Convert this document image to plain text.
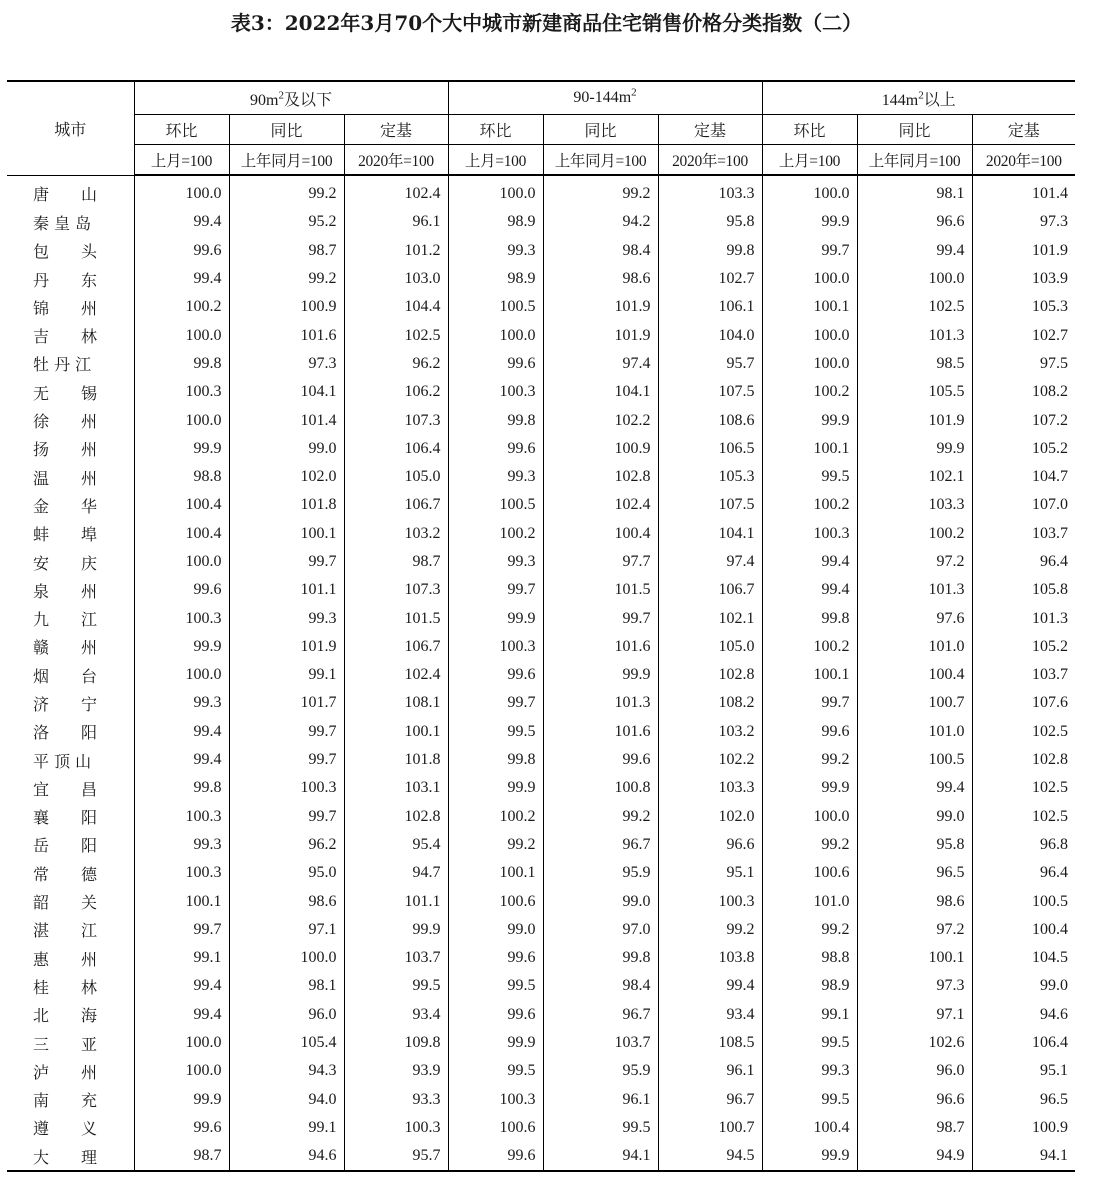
表3：2022年3月70个大中城市新建商品住宅销售价格分类指数（二）
城市	$90m^2$及以下			$90-144m^2$			$144m^2$以上		
	环比	同比	定基	环比	同比	定基	环比	同比	定基
	上月=100	上年同月=100	2020年=100	上月=100	上年同月=100	2020年=100	上月=100	上年同月=100	2020年=100
唐　　山	100.0	99.2	102.4	100.0	99.2	103.3	100.0	98.1	101.4
秦 皇 岛	99.4	95.2	96.1	98.9	94.2	95.8	99.9	96.6	97.3
包　　头	99.6	98.7	101.2	99.3	98.4	99.8	99.7	99.4	101.9
丹　　东	99.4	99.2	103.0	98.9	98.6	102.7	100.0	100.0	103.9
锦　　州	100.2	100.9	104.4	100.5	101.9	106.1	100.1	102.5	105.3
吉　　林	100.0	101.6	102.5	100.0	101.9	104.0	100.0	101.3	102.7
牡 丹 江	99.8	97.3	96.2	99.6	97.4	95.7	100.0	98.5	97.5
无　　锡	100.3	104.1	106.2	100.3	104.1	107.5	100.2	105.5	108.2
徐　　州	100.0	101.4	107.3	99.8	102.2	108.6	99.9	101.9	107.2
扬　　州	99.9	99.0	106.4	99.6	100.9	106.5	100.1	99.9	105.2
温　　州	98.8	102.0	105.0	99.3	102.8	105.3	99.5	102.1	104.7
金　　华	100.4	101.8	106.7	100.5	102.4	107.5	100.2	103.3	107.0
蚌　　埠	100.4	100.1	103.2	100.2	100.4	104.1	100.3	100.2	103.7
安　　庆	100.0	99.7	98.7	99.3	97.7	97.4	99.4	97.2	96.4
泉　　州	99.6	101.1	107.3	99.7	101.5	106.7	99.4	101.3	105.8
九　　江	100.3	99.3	101.5	99.9	99.7	102.1	99.8	97.6	101.3
赣　　州	99.9	101.9	106.7	100.3	101.6	105.0	100.2	101.0	105.2
烟　　台	100.0	99.1	102.4	99.6	99.9	102.8	100.1	100.4	103.7
济　　宁	99.3	101.7	108.1	99.7	101.3	108.2	99.7	100.7	107.6
洛　　阳	99.4	99.7	100.1	99.5	101.6	103.2	99.6	101.0	102.5
平 顶 山	99.4	99.7	101.8	99.8	99.6	102.2	99.2	100.5	102.8
宜　　昌	99.8	100.3	103.1	99.9	100.8	103.3	99.9	99.4	102.5
襄　　阳	100.3	99.7	102.8	100.2	99.2	102.0	100.0	99.0	102.5
岳　　阳	99.3	96.2	95.4	99.2	96.7	96.6	99.2	95.8	96.8
常　　德	100.3	95.0	94.7	100.1	95.9	95.1	100.6	96.5	96.4
韶　　关	100.1	98.6	101.1	100.6	99.0	100.3	101.0	98.6	100.5
湛　　江	99.7	97.1	99.9	99.0	97.0	99.2	99.2	97.2	100.4
惠　　州	99.1	100.0	103.7	99.6	99.8	103.8	98.8	100.1	104.5
桂　　林	99.4	98.1	99.5	99.5	98.4	99.4	98.9	97.3	99.0
北　　海	99.4	96.0	93.4	99.6	96.7	93.4	99.1	97.1	94.6
三　　亚	100.0	105.4	109.8	99.9	103.7	108.5	99.5	102.6	106.4
泸　　州	100.0	94.3	93.9	99.5	95.9	96.1	99.3	96.0	95.1
南　　充	99.9	94.0	93.3	100.3	96.1	96.7	99.5	96.6	96.5
遵　　义	99.6	99.1	100.3	100.6	99.5	100.7	100.4	98.7	100.9
大　　理	98.7	94.6	95.7	99.6	94.1	94.5	99.9	94.9	94.1
